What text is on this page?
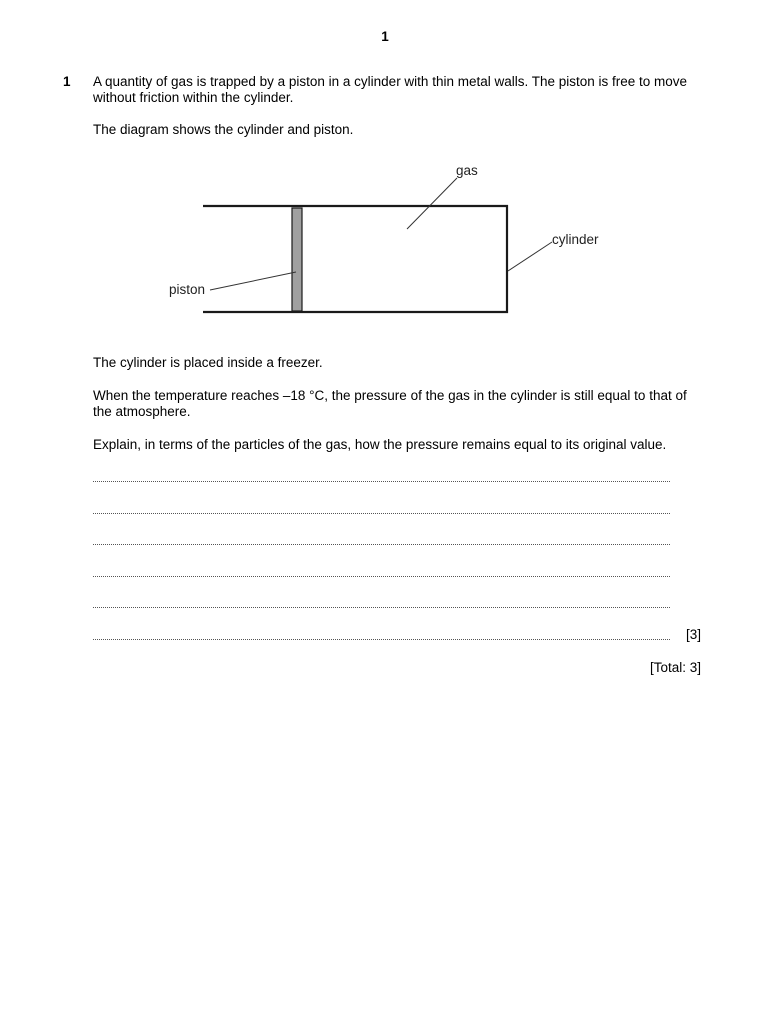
1
1 A quantity of gas is trapped by a piston in a cylinder with thin metal walls. The piston is free to move without friction within the cylinder.
The diagram shows the cylinder and piston.
gas
cylinder
piston
The cylinder is placed inside a freezer.
When the temperature reaches –18 °C, the pressure of the gas in the cylinder is still equal to that of the atmosphere.
Explain, in terms of the particles of the gas, how the pressure remains equal to its original value.
[3]
[Total: 3]
